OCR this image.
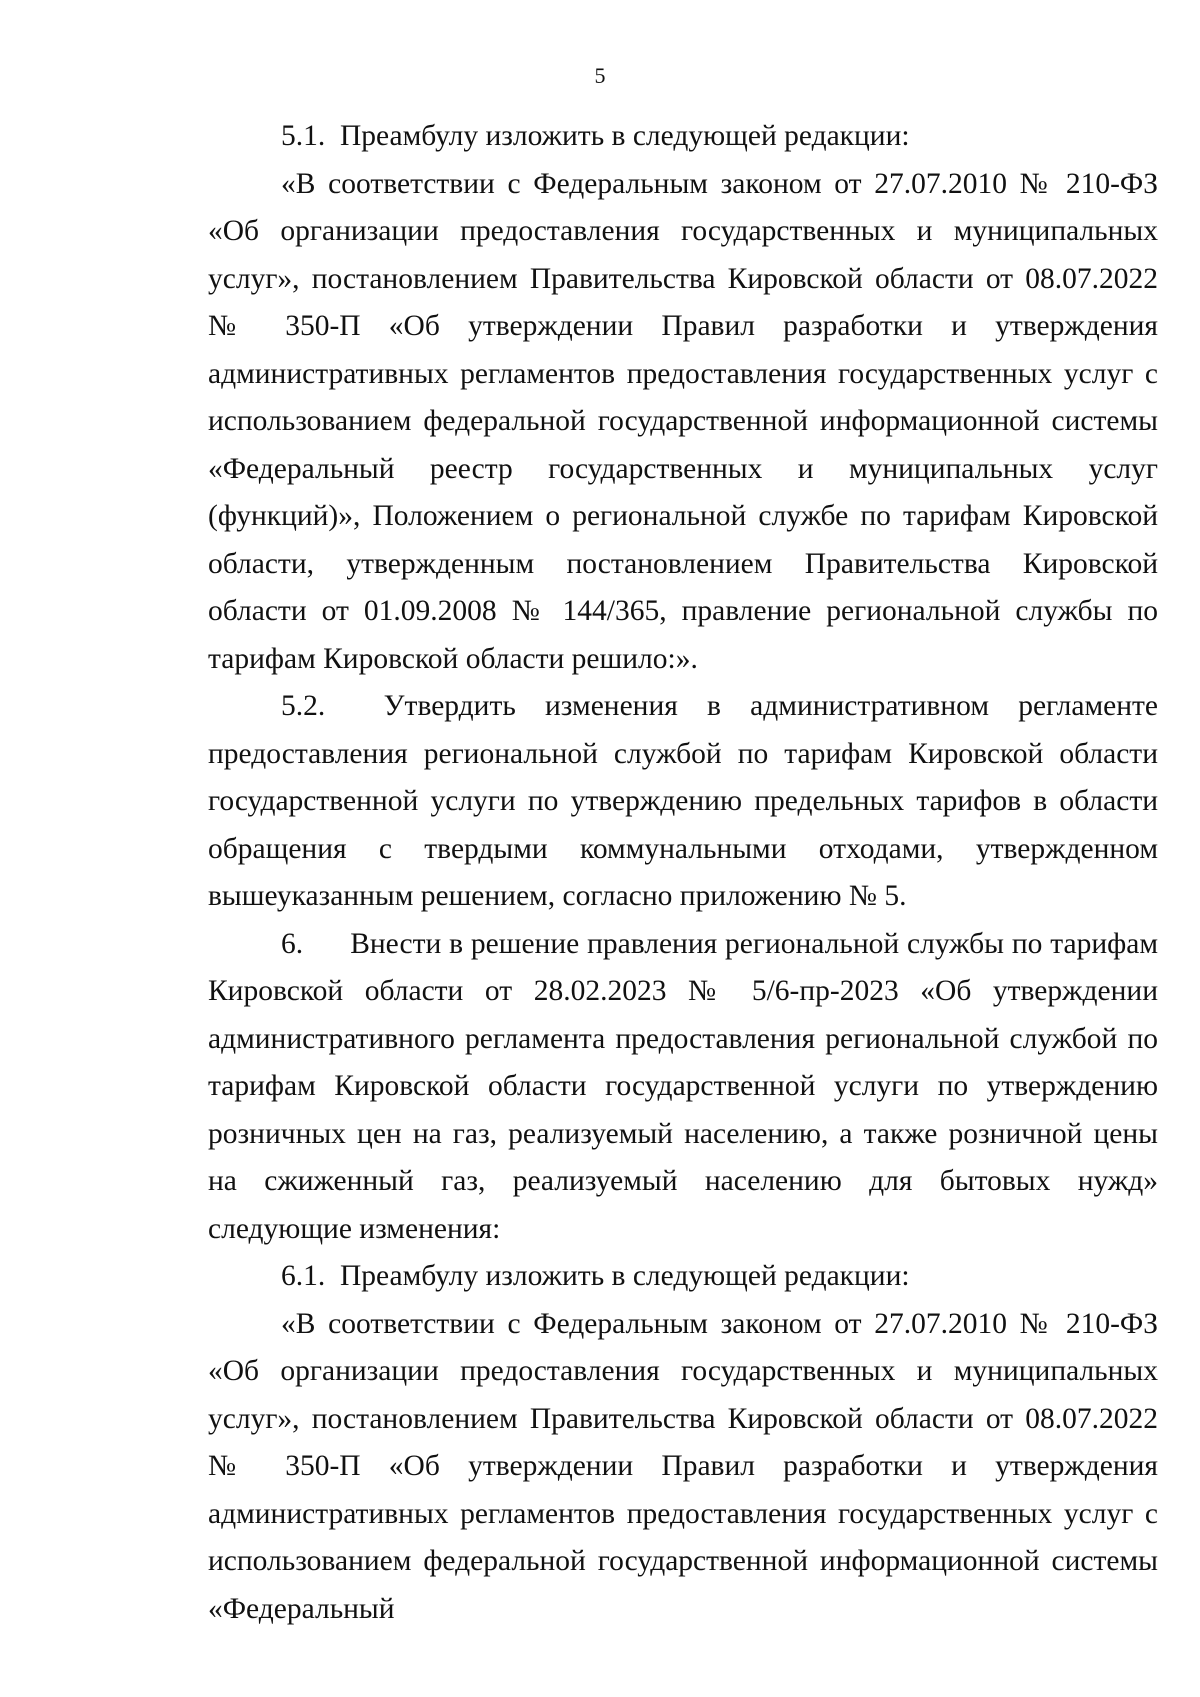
5

5.1.  Преамбулу изложить в следующей редакции:

«В соответствии с Федеральным законом от 27.07.2010 № 210-ФЗ «Об организации предоставления государственных и муниципальных услуг», постановлением Правительства Кировской области от 08.07.2022 № 350-П «Об утверждении Правил разработки и утверждения административных регламентов предоставления государственных услуг с использованием федеральной государственной информационной системы «Федеральный реестр государственных и муниципальных услуг (функций)», Положением о региональной службе по тарифам Кировской области, утвержденным постановлением Правительства Кировской области от 01.09.2008 № 144/365, правление региональной службы по тарифам Кировской области решило:».

5.2.  Утвердить изменения в административном регламенте предоставления региональной службой по тарифам Кировской области государственной услуги по утверждению предельных тарифов в области обращения с твердыми коммунальными отходами, утвержденном вышеуказанным решением, согласно приложению № 5.

6.      Внести в решение правления региональной службы по тарифам Кировской области от 28.02.2023 № 5/6-пр-2023 «Об утверждении административного регламента предоставления региональной службой по тарифам Кировской области государственной услуги по утверждению розничных цен на газ, реализуемый населению, а также розничной цены на сжиженный газ, реализуемый населению для бытовых нужд» следующие изменения:

6.1.  Преамбулу изложить в следующей редакции:

«В соответствии с Федеральным законом от 27.07.2010 № 210-ФЗ «Об организации предоставления государственных и муниципальных услуг», постановлением Правительства Кировской области от 08.07.2022 № 350-П «Об утверждении Правил разработки и утверждения административных регламентов предоставления государственных услуг с использованием федеральной государственной информационной системы «Федеральный
